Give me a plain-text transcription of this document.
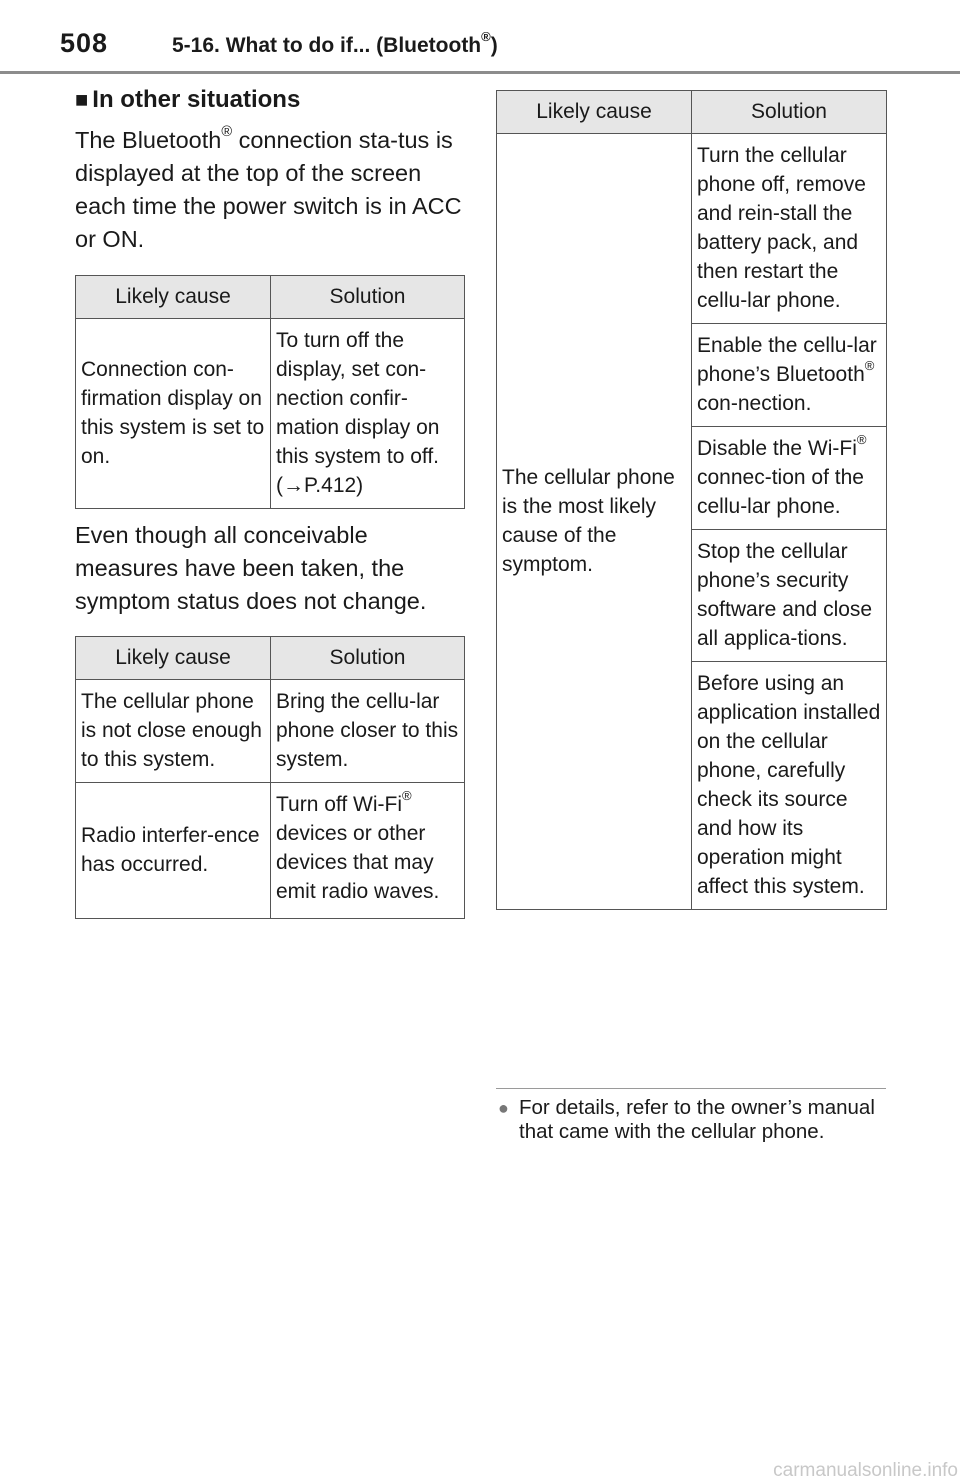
508	5-16. What to do if... (Bluetooth®)
■ In other situations

The Bluetooth® connection sta-tus is displayed at the top of the screen each time the power switch is in ACC or ON.

Likely cause	Solution
Connection con-firmation display on this system is set to on.	To turn off the display, set con-nection confir-mation display on this system to off. (→P.412)

Even though all conceivable measures have been taken, the symptom status does not change.

Likely cause	Solution
The cellular phone is not close enough to this system.	Bring the cellu-lar phone closer to this system.
Radio interfer-ence has occurred.	Turn off Wi-Fi® devices or other devices that may emit radio waves.
Likely cause	Solution
The cellular phone is the most likely cause of the symptom.	Turn the cellular phone off, remove and rein-stall the battery pack, and then restart the cellu-lar phone.
	Enable the cellu-lar phone’s Bluetooth® con-nection.
	Disable the Wi-Fi® connec-tion of the cellu-lar phone.
	Stop the cellular phone’s security software and close all applica-tions.
	Before using an application installed on the cellular phone, carefully check its source and how its operation might affect this system.
● For details, refer to the owner’s manual that came with the cellular phone.
carmanualsonline.info
